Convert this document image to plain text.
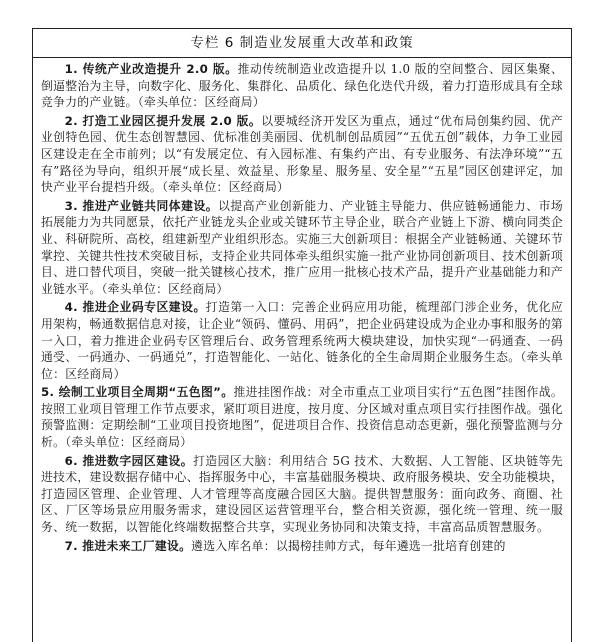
专栏 6 制造业发展重大改革和政策

1. 传统产业改造提升 2.0 版。推动传统制造业改造提升以 1.0 版的空间整合、园区集聚、倒逼整治为主导，向数字化、服务化、集群化、品质化、绿色化迭代升级，着力打造形成具有全球竞争力的产业链。（牵头单位：区经商局）

2. 打造工业园区提升发展 2.0 版。以要城经济开发区为重点，通过“优布局创集约园、优产业创特色园、优生态创智慧园、优标准创美丽园、优机制创品质园”“五优五创”载体，力争工业园区建设走在全市前列；以“有发展定位、有入园标准、有集约产出、有专业服务、有法净环境”“五有”路径为导向，组织开展“成长星、效益星、形象星、服务星、安全星”“五星”园区创建评定，加快产业平台提档升级。（牵头单位：区经商局）

3. 推进产业链共同体建设。以提高产业创新能力、产业链主导能力、供应链畅通能力、市场拓展能力为共同愿景，依托产业链龙头企业或关键环节主导企业，联合产业链上下游、横向同类企业、科研院所、高校，组建新型产业组织形态。实施三大创新项目：根据全产业链畅通、关键环节掌控、关键共性技术突破目标，支持企业共同体牵头组织实施一批产业协同创新项目、技术创新项目、进口替代项目，突破一批关键核心技术，推广应用一批核心技术产品，提升产业基础能力和产业链水平。（牵头单位：区经商局）

4. 推进企业码专区建设。打造第一入口：完善企业码应用功能，梳理部门涉企业务，优化应用架构，畅通数据信息对接，让企业“领码、懂码、用码”，把企业码建设成为企业办事和服务的第一入口，着力推进企业码专区管理后台、政务管理系统两大模块建设，加快实现“一码通查、一码通受、一码通办、一码通兑”，打造智能化、一站化、链条化的全生命周期企业服务生态。（牵头单位：区经商局）

5. 绘制工业项目全周期“五色图”。推进挂图作战：对全市重点工业项目实行“五色图”挂图作战。按照工业项目管理工作节点要求，紧盯项目进度，按月度、分区域对重点项目实行挂图作战。强化预警监测：定期绘制“工业项目投资地图”，促进项目合作、投资信息动态更新，强化预警监测与分析。（牵头单位：区经商局）

6. 推进数字园区建设。打造园区大脑：利用结合 5G 技术、大数据、人工智能、区块链等先进技术，建设数据存储中心、指挥服务中心，丰富基础服务模块、政府服务模块、安全功能模块，打造园区管理、企业管理、人才管理等高度融合园区大脑。提供智慧服务：面向政务、商圈、社区、厂区等场景应用服务需求，建设园区运营管理平台，整合相关资源，强化统一管理、统一服务、统一数据，以智能化终端数据整合共享，实现业务协同和决策支持，丰富高品质智慧服务。

7. 推进未来工厂建设。遴选入库名单：以揭榜挂帅方式，每年遴选一批培育创建的
